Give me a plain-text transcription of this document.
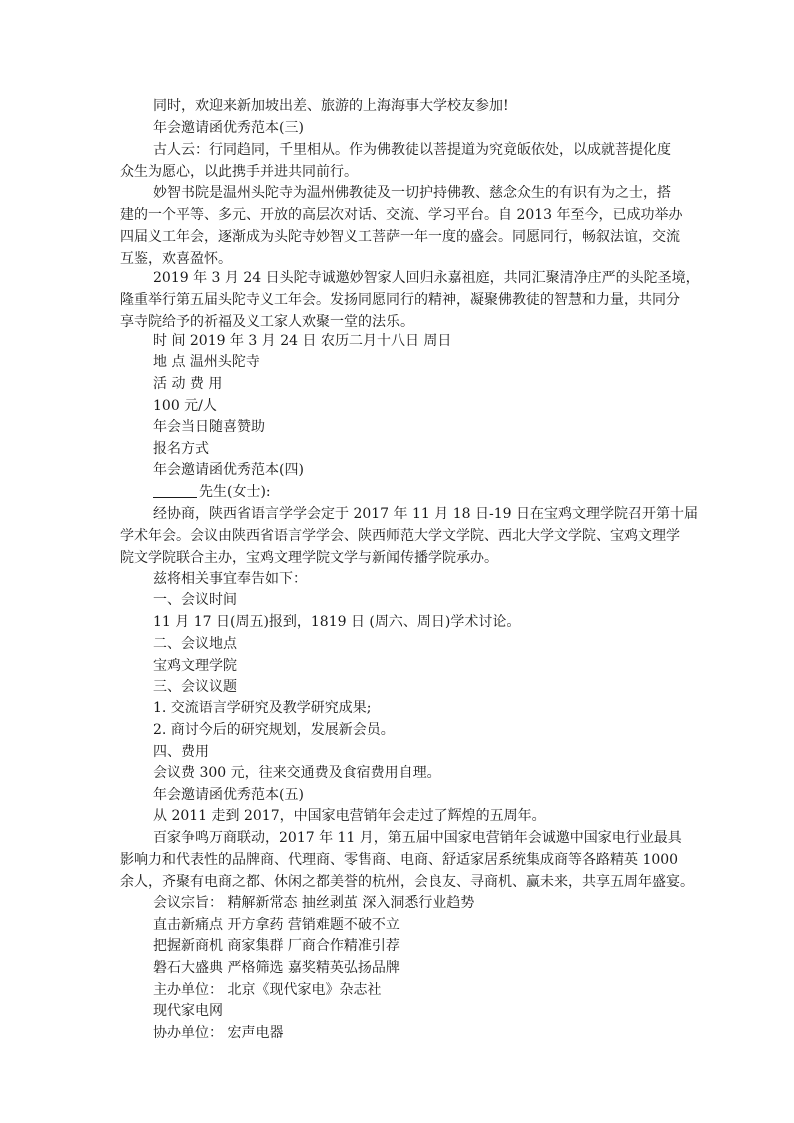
同时，欢迎来新加坡出差、旅游的上海海事大学校友参加!
年会邀请函优秀范本(三)
古人云：行同趋同，千里相从。作为佛教徒以菩提道为究竟皈依处，以成就菩提化度
众生为愿心，以此携手并进共同前行。
妙智书院是温州头陀寺为温州佛教徒及一切护持佛教、慈念众生的有识有为之士，搭
建的一个平等、多元、开放的高层次对话、交流、学习平台。自 2013 年至今，已成功举办
四届义工年会，逐渐成为头陀寺妙智义工菩萨一年一度的盛会。同愿同行，畅叙法谊，交流
互鉴，欢喜盈怀。
2019 年 3 月 24 日头陀寺诚邀妙智家人回归永嘉祖庭，共同汇聚清净庄严的头陀圣境，
隆重举行第五届头陀寺义工年会。发扬同愿同行的精神，凝聚佛教徒的智慧和力量，共同分
享寺院给予的祈福及义工家人欢聚一堂的法乐。
时 间 2019 年 3 月 24 日 农历二月十八日 周日
地 点 温州头陀寺
活 动 费 用
100 元/人
年会当日随喜赞助
报名方式
年会邀请函优秀范本(四)
先生(女士):
经协商，陕西省语言学学会定于 2017 年 11 月 18 日-19 日在宝鸡文理学院召开第十届
学术年会。会议由陕西省语言学学会、陕西师范大学文学院、西北大学文学院、宝鸡文理学
院文学院联合主办，宝鸡文理学院文学与新闻传播学院承办。
兹将相关事宜奉告如下：
一、会议时间
11 月 17 日(周五)报到，1819 日 (周六、周日)学术讨论。
二、会议地点
宝鸡文理学院
三、会议议题
1. 交流语言学研究及教学研究成果;
2. 商讨今后的研究规划，发展新会员。
四、费用
会议费 300 元，往来交通费及食宿费用自理。
年会邀请函优秀范本(五)
从 2011 走到 2017，中国家电营销年会走过了辉煌的五周年。
百家争鸣万商联动，2017 年 11 月，第五届中国家电营销年会诚邀中国家电行业最具
影响力和代表性的品牌商、代理商、零售商、电商、舒适家居系统集成商等各路精英 1000
余人，齐聚有电商之都、休闲之都美誉的杭州，会良友、寻商机、赢未来，共享五周年盛宴。
会议宗旨： 精解新常态 抽丝剥茧 深入洞悉行业趋势
直击新痛点 开方拿药 营销难题不破不立
把握新商机 商家集群 厂商合作精准引荐
磐石大盛典 严格筛选 嘉奖精英弘扬品牌
主办单位： 北京《现代家电》杂志社
现代家电网
协办单位： 宏声电器
